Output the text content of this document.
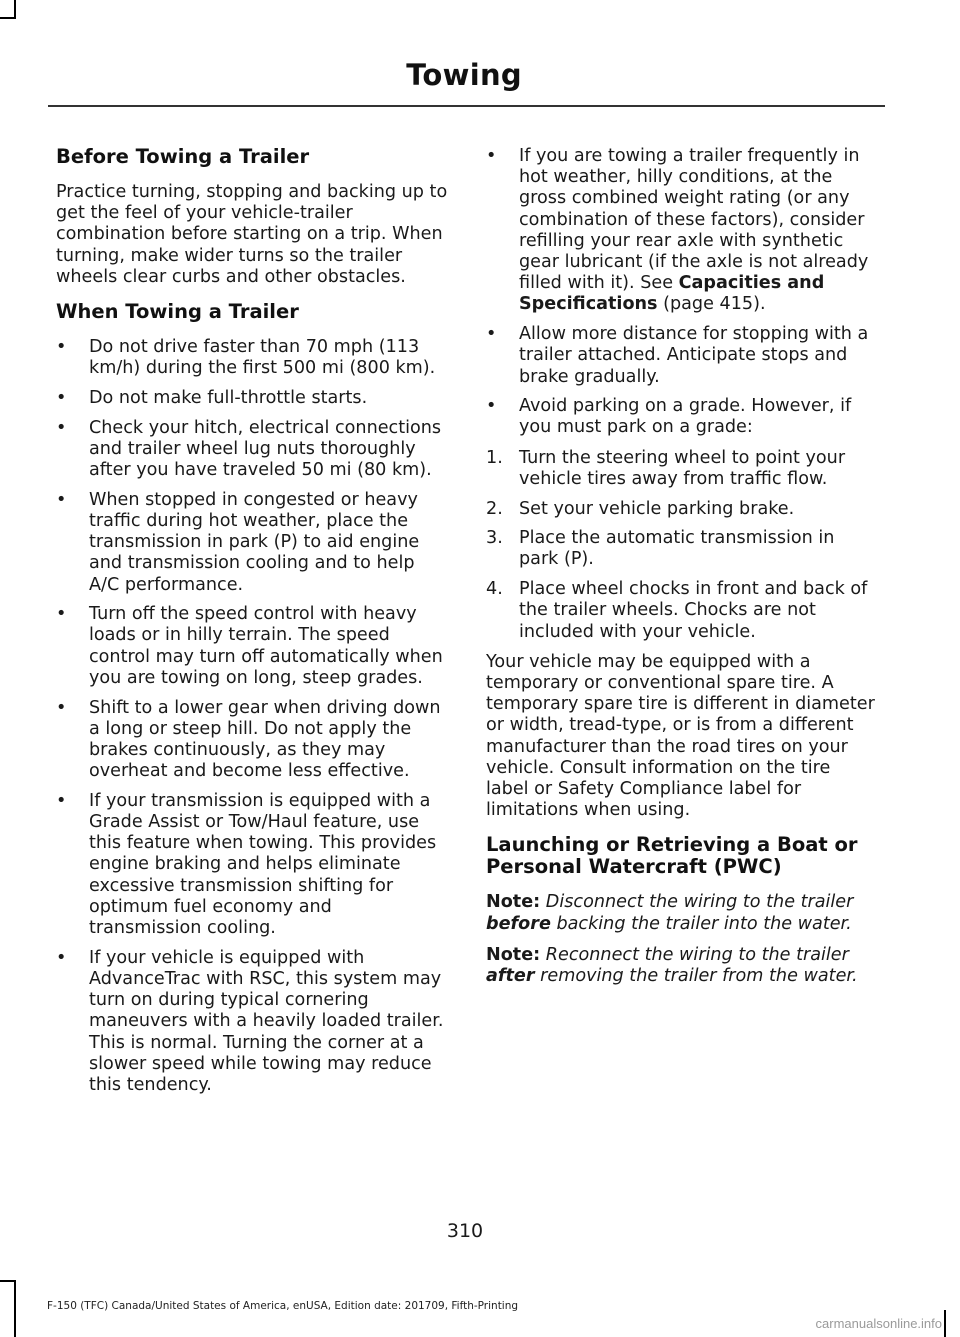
Towing
Before Towing a Trailer

Practice turning, stopping and backing up to get the feel of your vehicle-trailer combination before starting on a trip. When turning, make wider turns so the trailer wheels clear curbs and other obstacles.

When Towing a Trailer
•	Do not drive faster than 70 mph (113 km/h) during the first 500 mi (800 km).
•	Do not make full-throttle starts.
•	Check your hitch, electrical connections and trailer wheel lug nuts thoroughly after you have traveled 50 mi (80 km).
•	When stopped in congested or heavy traffic during hot weather, place the transmission in park (P) to aid engine and transmission cooling and to help A/C performance.
•	Turn off the speed control with heavy loads or in hilly terrain. The speed control may turn off automatically when you are towing on long, steep grades.
•	Shift to a lower gear when driving down a long or steep hill. Do not apply the brakes continuously, as they may overheat and become less effective.
•	If your transmission is equipped with a Grade Assist or Tow/Haul feature, use this feature when towing. This provides engine braking and helps eliminate excessive transmission shifting for optimum fuel economy and transmission cooling.
•	If your vehicle is equipped with AdvanceTrac with RSC, this system may turn on during typical cornering maneuvers with a heavily loaded trailer. This is normal. Turning the corner at a slower speed while towing may reduce this tendency.
•	If you are towing a trailer frequently in hot weather, hilly conditions, at the gross combined weight rating (or any combination of these factors), consider refilling your rear axle with synthetic gear lubricant (if the axle is not already filled with it). See Capacities and Specifications (page 415).
•	Allow more distance for stopping with a trailer attached. Anticipate stops and brake gradually.
•	Avoid parking on a grade. However, if you must park on a grade:
1. Turn the steering wheel to point your vehicle tires away from traffic flow.
2. Set your vehicle parking brake.
3. Place the automatic transmission in park (P).
4. Place wheel chocks in front and back of the trailer wheels. Chocks are not included with your vehicle.

Your vehicle may be equipped with a temporary or conventional spare tire. A temporary spare tire is different in diameter or width, tread-type, or is from a different manufacturer than the road tires on your vehicle. Consult information on the tire label or Safety Compliance label for limitations when using.

Launching or Retrieving a Boat or Personal Watercraft (PWC)

Note: Disconnect the wiring to the trailer before backing the trailer into the water.

Note: Reconnect the wiring to the trailer after removing the trailer from the water.

310
F-150 (TFC) Canada/United States of America, enUSA, Edition date: 201709, Fifth-Printing
carmanualsonline.info
